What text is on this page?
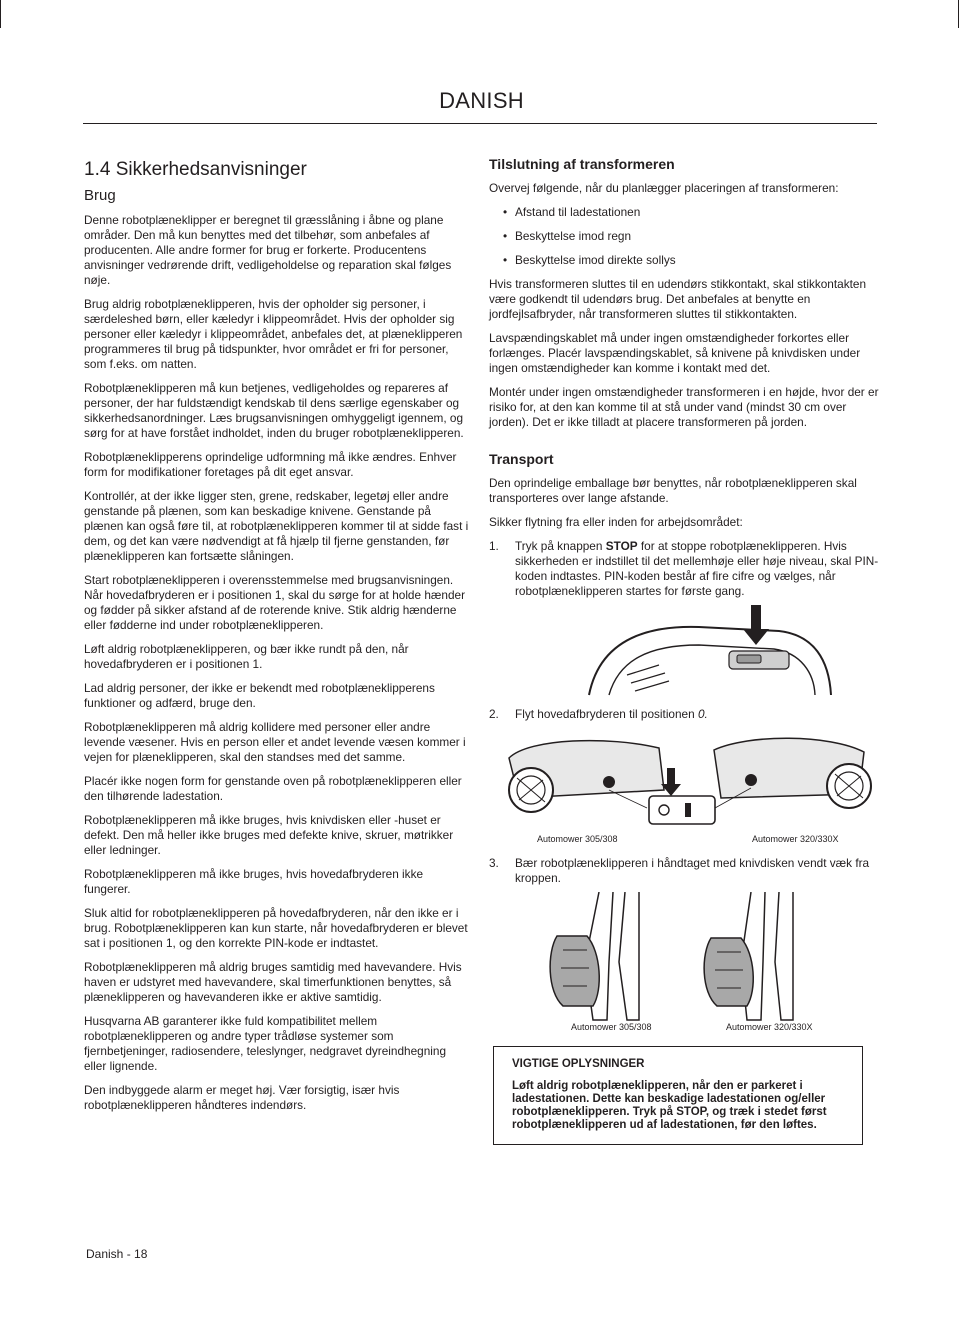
DANISH
1.4 Sikkerhedsanvisninger
Brug

Denne robotplæneklipper er beregnet til græsslåning i åbne og plane områder. Den må kun benyttes med det tilbehør, som anbefales af producenten. Alle andre former for brug er forkerte. Producentens anvisninger vedrørende drift, vedligeholdelse og reparation skal følges nøje.

Brug aldrig robotplæneklipperen, hvis der opholder sig personer, i særdeleshed børn, eller kæledyr i klippeområdet. Hvis der opholder sig personer eller kæledyr i klippeområdet, anbefales det, at plæneklipperen programmeres til brug på tidspunkter, hvor området er fri for personer, som f.eks. om natten.

Robotplæneklipperen må kun betjenes, vedligeholdes og repareres af personer, der har fuldstændigt kendskab til dens særlige egenskaber og sikkerhedsanordninger. Læs brugsanvisningen omhyggeligt igennem, og sørg for at have forstået indholdet, inden du bruger robotplæneklipperen.

Robotplæneklipperens oprindelige udformning må ikke ændres. Enhver form for modifikationer foretages på dit eget ansvar.

Kontrollér, at der ikke ligger sten, grene, redskaber, legetøj eller andre genstande på plænen, som kan beskadige knivene. Genstande på plænen kan også føre til, at robotplæneklipperen kommer til at sidde fast i dem, og det kan være nødvendigt at få hjælp til fjerne genstanden, før plæneklipperen kan fortsætte slåningen.

Start robotplæneklipperen i overensstemmelse med brugsanvisningen. Når hovedafbryderen er i positionen 1, skal du sørge for at holde hænder og fødder på sikker afstand af de roterende knive. Stik aldrig hænderne eller fødderne ind under robotplæneklipperen.

Løft aldrig robotplæneklipperen, og bær ikke rundt på den, når hovedafbryderen er i positionen 1.

Lad aldrig personer, der ikke er bekendt med robotplæneklipperens funktioner og adfærd, bruge den.

Robotplæneklipperen må aldrig kollidere med personer eller andre levende væsener. Hvis en person eller et andet levende væsen kommer i vejen for plæneklipperen, skal den standses med det samme.

Placér ikke nogen form for genstande oven på robotplæneklipperen eller den tilhørende ladestation.

Robotplæneklipperen må ikke bruges, hvis knivdisken eller -huset er defekt. Den må heller ikke bruges med defekte knive, skruer, møtrikker eller ledninger.

Robotplæneklipperen må ikke bruges, hvis hovedafbryderen ikke fungerer.

Sluk altid for robotplæneklipperen på hovedafbryderen, når den ikke er i brug. Robotplæneklipperen kan kun starte, når hovedafbryderen er blevet sat i positionen 1, og den korrekte PIN-kode er indtastet.

Robotplæneklipperen må aldrig bruges samtidig med havevandere. Hvis haven er udstyret med havevandere, skal timerfunktionen benyttes, så plæneklipperen og havevanderen ikke er aktive samtidig.

Husqvarna AB garanterer ikke fuld kompatibilitet mellem robotplæneklipperen og andre typer trådløse systemer som fjernbetjeninger, radiosendere, teleslynger, nedgravet dyreindhegning eller lignende.

Den indbyggede alarm er meget høj. Vær forsigtig, især hvis robotplæneklipperen håndteres indendørs.

Tilslutning af transformeren

Overvej følgende, når du planlægger placeringen af transformeren:

• Afstand til ladestationen
• Beskyttelse imod regn
• Beskyttelse imod direkte sollys

Hvis transformeren sluttes til en udendørs stikkontakt, skal stikkontakten være godkendt til udendørs brug. Det anbefales at benytte en jordfejlsafbryder, når transformeren sluttes til stikkontakten.

Lavspændingskablet må under ingen omstændigheder forkortes eller forlænges. Placér lavspændingskablet, så knivene på knivdisken under ingen omstændigheder kan komme i kontakt med det.

Montér under ingen omstændigheder transformeren i en højde, hvor der er risiko for, at den kan komme til at stå under vand (mindst 30 cm over jorden). Det er ikke tilladt at placere transformeren på jorden.

Transport

Den oprindelige emballage bør benyttes, når robotplæneklipperen skal transporteres over lange afstande.

Sikker flytning fra eller inden for arbejdsområdet:

1. Tryk på knappen STOP for at stoppe robotplæneklipperen. Hvis sikkerheden er indstillet til det mellemhøje eller høje niveau, skal PIN-koden indtastes. PIN-koden består af fire cifre og vælges, når robotplæneklipperen startes for første gang.
2. Flyt hovedafbryderen til positionen 0.
Automower 305/308	Automower 320/330X
3. Bær robotplæneklipperen i håndtaget med knivdisken vendt væk fra kroppen.
Automower 305/308	Automower 320/330X
VIGTIGE OPLYSNINGER

Løft aldrig robotplæneklipperen, når den er parkeret i ladestationen. Dette kan beskadige ladestationen og/eller robotplæneklipperen. Tryk på STOP, og træk i stedet først robotplæneklipperen ud af ladestationen, før den løftes.

Danish - 18
